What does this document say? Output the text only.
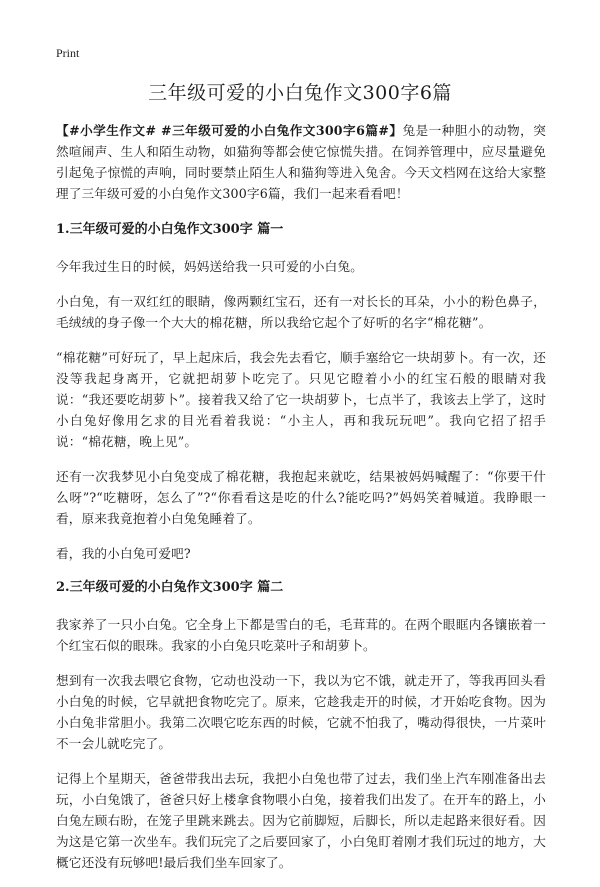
Print
三年级可爱的小白兔作文300字6篇

【#小学生作文# #三年级可爱的小白兔作文300字6篇#】兔是一种胆小的动物，突然喧闹声、生人和陌生动物，如猫狗等都会使它惊慌失措。在饲养管理中，应尽量避免引起兔子惊慌的声响，同时要禁止陌生人和猫狗等进入兔舍。今天文档网在这给大家整理了三年级可爱的小白兔作文300字6篇，我们一起来看看吧！

1.三年级可爱的小白兔作文300字 篇一

今年我过生日的时候，妈妈送给我一只可爱的小白兔。

小白兔，有一双红红的眼睛，像两颗红宝石，还有一对长长的耳朵，小小的粉色鼻子，毛绒绒的身子像一个大大的棉花糖，所以我给它起个了好听的名字“棉花糖”。

“棉花糖”可好玩了，早上起床后，我会先去看它，顺手塞给它一块胡萝卜。有一次，还没等我起身离开，它就把胡萝卜吃完了。只见它瞪着小小的红宝石般的眼睛对我说：“我还要吃胡萝卜”。接着我又给了它一块胡萝卜，七点半了，我该去上学了，这时小白兔好像用乞求的目光看着我说：“小主人，再和我玩玩吧”。我向它招了招手说：“棉花糖，晚上见”。

还有一次我梦见小白兔变成了棉花糖，我抱起来就吃，结果被妈妈喊醒了：“你要干什么呀”?“吃糖呀，怎么了”?“你看看这是吃的什么?能吃吗?”妈妈笑着喊道。我睁眼一看，原来我竟抱着小白兔兔睡着了。

看，我的小白兔可爱吧?

2.三年级可爱的小白兔作文300字 篇二

我家养了一只小白兔。它全身上下都是雪白的毛，毛茸茸的。在两个眼眶内各镶嵌着一个红宝石似的眼珠。我家的小白兔只吃菜叶子和胡萝卜。

想到有一次我去喂它食物，它动也没动一下，我以为它不饿，就走开了，等我再回头看小白兔的时候，它早就把食物吃完了。原来，它趁我走开的时候，才开始吃食物。因为小白兔非常胆小。我第二次喂它吃东西的时候，它就不怕我了，嘴动得很快，一片菜叶不一会儿就吃完了。

记得上个星期天，爸爸带我出去玩，我把小白兔也带了过去，我们坐上汽车刚准备出去玩，小白兔饿了，爸爸只好上楼拿食物喂小白兔，接着我们出发了。在开车的路上，小白兔左顾右盼，在笼子里跳来跳去。因为它前脚短，后脚长，所以走起路来很好看。因为这是它第一次坐车。我们玩完了之后要回家了，小白兔盯着刚才我们玩过的地方，大概它还没有玩够吧!最后我们坐车回家了。
